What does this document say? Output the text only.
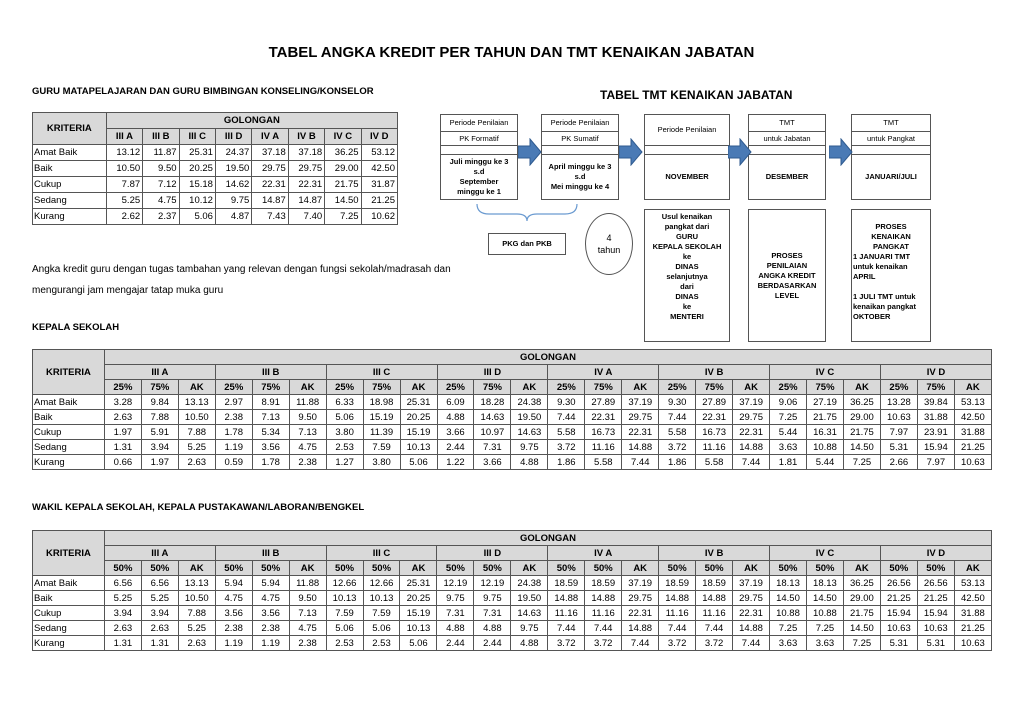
TABEL ANGKA KREDIT PER TAHUN DAN TMT KENAIKAN JABATAN
GURU MATAPELAJARAN DAN GURU BIMBINGAN KONSELING/KONSELOR
KRITERIA	GOLONGAN							
	III A	III B	III C	III D	IV A	IV B	IV C	IV D
Amat Baik	13.12	11.87	25.31	24.37	37.18	37.18	36.25	53.12
Baik	10.50	9.50	20.25	19.50	29.75	29.75	29.00	42.50
Cukup	7.87	7.12	15.18	14.62	22.31	22.31	21.75	31.87
Sedang	5.25	4.75	10.12	9.75	14.87	14.87	14.50	21.25
Kurang	2.62	2.37	5.06	4.87	7.43	7.40	7.25	10.62
Angka kredit guru dengan tugas tambahan yang relevan dengan fungsi sekolah/madrasah dan
mengurangi jam mengajar tatap muka guru
TABEL TMT KENAIKAN JABATAN
Periode Penilaian
PK Formatif
Juli minggu ke 3
s.d
September
minggu ke 1
Periode Penilaian
PK Sumatif
April minggu ke 3
s.d
Mei minggu ke 4
Periode Penilaian
NOVEMBER
TMT
untuk Jabatan
DESEMBER
TMT
untuk Pangkat
JANUARI/JULI
PKG dan PKB
4
tahun
Usul kenaikan
pangkat dari
GURU
KEPALA SEKOLAH
ke
DINAS
selanjutnya
dari
DINAS
ke
MENTERI
PROSES
PENILAIAN
ANGKA KREDIT
BERDASARKAN
LEVEL
PROSES
KENAIKAN
PANGKAT
1 JANUARI TMT
untuk kenaikan
APRIL
1 JULI TMT untuk
kenaikan pangkat
OKTOBER
KEPALA SEKOLAH
KRITERIA	GOLONGAN																							
	III A			III B			III C			III D			IV A			IV B			IV C			IV D		
	25%	75%	AK	25%	75%	AK	25%	75%	AK	25%	75%	AK	25%	75%	AK	25%	75%	AK	25%	75%	AK	25%	75%	AK
Amat Baik	3.28	9.84	13.13	2.97	8.91	11.88	6.33	18.98	25.31	6.09	18.28	24.38	9.30	27.89	37.19	9.30	27.89	37.19	9.06	27.19	36.25	13.28	39.84	53.13
Baik	2.63	7.88	10.50	2.38	7.13	9.50	5.06	15.19	20.25	4.88	14.63	19.50	7.44	22.31	29.75	7.44	22.31	29.75	7.25	21.75	29.00	10.63	31.88	42.50
Cukup	1.97	5.91	7.88	1.78	5.34	7.13	3.80	11.39	15.19	3.66	10.97	14.63	5.58	16.73	22.31	5.58	16.73	22.31	5.44	16.31	21.75	7.97	23.91	31.88
Sedang	1.31	3.94	5.25	1.19	3.56	4.75	2.53	7.59	10.13	2.44	7.31	9.75	3.72	11.16	14.88	3.72	11.16	14.88	3.63	10.88	14.50	5.31	15.94	21.25
Kurang	0.66	1.97	2.63	0.59	1.78	2.38	1.27	3.80	5.06	1.22	3.66	4.88	1.86	5.58	7.44	1.86	5.58	7.44	1.81	5.44	7.25	2.66	7.97	10.63
WAKIL KEPALA SEKOLAH, KEPALA PUSTAKAWAN/LABORAN/BENGKEL
KRITERIA	GOLONGAN																							
	III A			III B			III C			III D			IV A			IV B			IV C			IV D		
	50%	50%	AK	50%	50%	AK	50%	50%	AK	50%	50%	AK	50%	50%	AK	50%	50%	AK	50%	50%	AK	50%	50%	AK
Amat Baik	6.56	6.56	13.13	5.94	5.94	11.88	12.66	12.66	25.31	12.19	12.19	24.38	18.59	18.59	37.19	18.59	18.59	37.19	18.13	18.13	36.25	26.56	26.56	53.13
Baik	5.25	5.25	10.50	4.75	4.75	9.50	10.13	10.13	20.25	9.75	9.75	19.50	14.88	14.88	29.75	14.88	14.88	29.75	14.50	14.50	29.00	21.25	21.25	42.50
Cukup	3.94	3.94	7.88	3.56	3.56	7.13	7.59	7.59	15.19	7.31	7.31	14.63	11.16	11.16	22.31	11.16	11.16	22.31	10.88	10.88	21.75	15.94	15.94	31.88
Sedang	2.63	2.63	5.25	2.38	2.38	4.75	5.06	5.06	10.13	4.88	4.88	9.75	7.44	7.44	14.88	7.44	7.44	14.88	7.25	7.25	14.50	10.63	10.63	21.25
Kurang	1.31	1.31	2.63	1.19	1.19	2.38	2.53	2.53	5.06	2.44	2.44	4.88	3.72	3.72	7.44	3.72	3.72	7.44	3.63	3.63	7.25	5.31	5.31	10.63
